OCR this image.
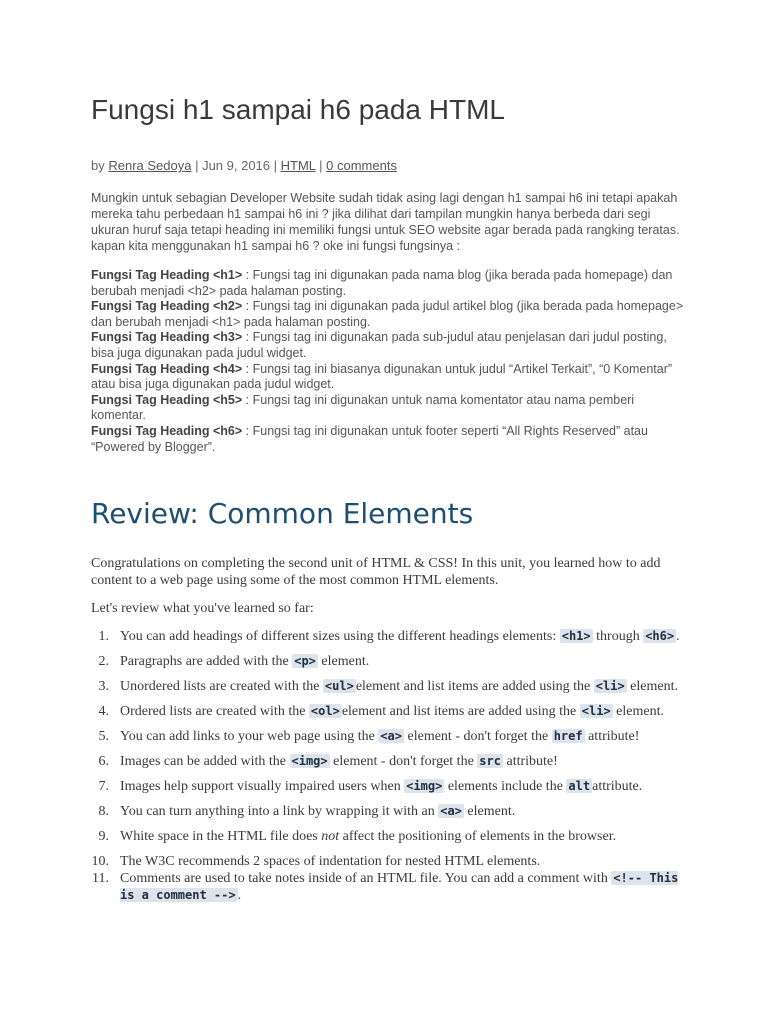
Fungsi h1 sampai h6 pada HTML
by Renra Sedoya | Jun 9, 2016 | HTML | 0 comments

Mungkin untuk sebagian Developer Website sudah tidak asing lagi dengan h1 sampai h6 ini tetapi apakah mereka tahu perbedaan h1 sampai h6 ini ? jika dilihat dari tampilan mungkin hanya berbeda dari segi ukuran huruf saja tetapi heading ini memiliki fungsi untuk SEO website agar berada pada rangking teratas. kapan kita menggunakan h1 sampai h6 ? oke ini fungsi fungsinya :

Fungsi Tag Heading <h1> : Fungsi tag ini digunakan pada nama blog (jika berada pada homepage) dan berubah menjadi <h2> pada halaman posting.

Fungsi Tag Heading <h2> : Fungsi tag ini digunakan pada judul artikel blog (jika berada pada homepage> dan berubah menjadi <h1> pada halaman posting.

Fungsi Tag Heading <h3> : Fungsi tag ini digunakan pada sub-judul atau penjelasan dari judul posting, bisa juga digunakan pada judul widget.

Fungsi Tag Heading <h4> : Fungsi tag ini biasanya digunakan untuk judul “Artikel Terkait”, “0 Komentar” atau bisa juga digunakan pada judul widget.

Fungsi Tag Heading <h5> : Fungsi tag ini digunakan untuk nama komentator atau nama pemberi komentar.

Fungsi Tag Heading <h6> : Fungsi tag ini digunakan untuk footer seperti “All Rights Reserved” atau “Powered by Blogger”.

Review: Common Elements

Congratulations on completing the second unit of HTML & CSS! In this unit, you learned how to add content to a web page using some of the most common HTML elements.

Let's review what you've learned so far:

1. You can add headings of different sizes using the different headings elements: <h1> through <h6> .
2. Paragraphs are added with the <p> element.
3. Unordered lists are created with the <ul> element and list items are added using the <li> element.
4. Ordered lists are created with the <ol> element and list items are added using the <li> element.
5. You can add links to your web page using the <a> element - don't forget the href attribute!
6. Images can be added with the <img> element - don't forget the src attribute!
7. Images help support visually impaired users when <img> elements include the alt attribute.
8. You can turn anything into a link by wrapping it with an <a> element.
9. White space in the HTML file does not affect the positioning of elements in the browser.
10. The W3C recommends 2 spaces of indentation for nested HTML elements.
11. Comments are used to take notes inside of an HTML file. You can add a comment with <!-- This is a comment --> .
